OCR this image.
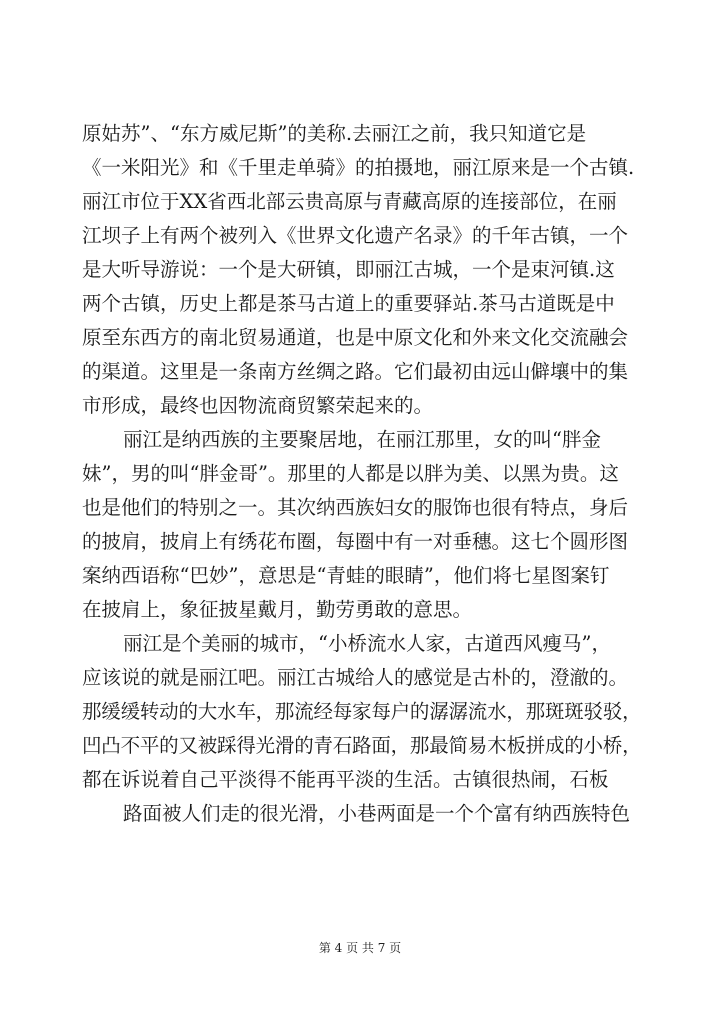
原姑苏”、“东方威尼斯”的美称.去丽江之前，我只知道它是
《一米阳光》和《千里走单骑》的拍摄地，丽江原来是一个古镇.
丽江市位于XX省西北部云贵高原与青藏高原的连接部位，在丽
江坝子上有两个被列入《世界文化遗产名录》的千年古镇，一个
是大听导游说：一个是大研镇，即丽江古城，一个是束河镇.这
两个古镇，历史上都是茶马古道上的重要驿站.茶马古道既是中
原至东西方的南北贸易通道，也是中原文化和外来文化交流融会
的渠道。这里是一条南方丝绸之路。它们最初由远山僻壤中的集
市形成，最终也因物流商贸繁荣起来的。
丽江是纳西族的主要聚居地，在丽江那里，女的叫“胖金
妹”，男的叫“胖金哥”。那里的人都是以胖为美、以黑为贵。这
也是他们的特别之一。其次纳西族妇女的服饰也很有特点，身后
的披肩，披肩上有绣花布圈，每圈中有一对垂穗。这七个圆形图
案纳西语称“巴妙”，意思是“青蛙的眼睛”，他们将七星图案钉
在披肩上，象征披星戴月，勤劳勇敢的意思。
丽江是个美丽的城市，“小桥流水人家，古道西风瘦马”，
应该说的就是丽江吧。丽江古城给人的感觉是古朴的，澄澈的。
那缓缓转动的大水车，那流经每家每户的潺潺流水，那斑斑驳驳，
凹凸不平的又被踩得光滑的青石路面，那最简易木板拼成的小桥，
都在诉说着自己平淡得不能再平淡的生活。古镇很热闹，石板
路面被人们走的很光滑，小巷两面是一个个富有纳西族特色
第 4 页 共 7 页
